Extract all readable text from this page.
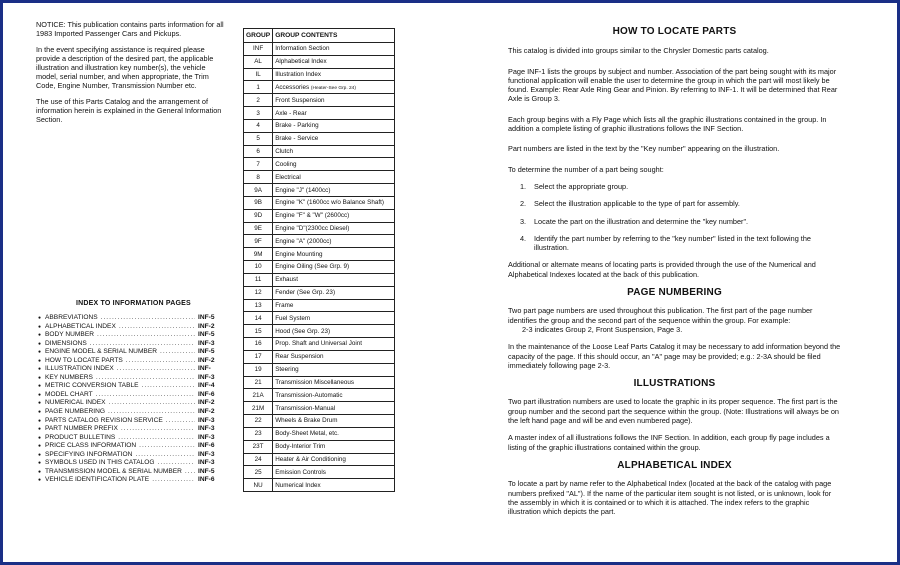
NOTICE: This publication contains parts information for all 1983 Imported Passenger Cars and Pickups.

In the event specifying assistance is required please provide a description of the desired part, the applicable illustration and illustration key number(s), the vehicle model, serial number, and when appropriate, the Trim Code, Engine Number, Transmission Number etc.

The use of this Parts Catalog and the arrangement of information herein is explained in the General Information Section.

INDEX TO INFORMATION PAGES
● ABBREVIATIONS .....	INF-5
● ALPHABETICAL INDEX .....	INF-2
● BODY NUMBER .....	INF-5
● DIMENSIONS .....	INF-3
● ENGINE MODEL & SERIAL NUMBER .....	INF-5
● HOW TO LOCATE PARTS .....	INF-2
● ILLUSTRATION INDEX .....	INF-
● KEY NUMBERS .....	INF-3
● METRIC CONVERSION TABLE .....	INF-4
● MODEL CHART .....	INF-6
● NUMERICAL INDEX .....	INF-2
● PAGE NUMBERING .....	INF-2
● PARTS CATALOG REVISION SERVICE .....	INF-3
● PART NUMBER PREFIX .....	INF-3
● PRODUCT BULLETINS .....	INF-3
● PRICE CLASS INFORMATION .....	INF-6
● SPECIFYING INFORMATION .....	INF-3
● SYMBOLS USED IN THIS CATALOG .....	INF-3
● TRANSMISSION MODEL & SERIAL NUMBER ..... INF-5
● VEHICLE IDENTIFICATION PLATE .....	INF-6
GROUP	GROUP CONTENTS
INF	Information Section
AL	Alphabetical Index
IL	Illustration Index
1	Accessories (Heater-See Grp. 24)
2	Front Suspension
3	Axle - Rear
4	Brake - Parking
5	Brake - Service
6	Clutch
7	Cooling
8	Electrical
9A	Engine "J" (1400cc)
9B	Engine "K" (1600cc w/o Balance Shaft)
9D	Engine "F" & "W" (2600cc)
9E	Engine "D"(2300cc Diesel)
9F	Engine "A" (2000cc)
9M	Engine Mounting
10	Engine Oiling (See Grp. 9)
11	Exhaust
12	Fender (See Grp. 23)
13	Frame
14	Fuel System
15	Hood (See Grp. 23)
16	Prop. Shaft and Universal Joint
17	Rear Suspension
19	Steering
21	Transmission Miscellaneous
21A	Transmission-Automatic
21M	Transmission-Manual
22	Wheels & Brake Drum
23	Body-Sheet Metal, etc.
23T	Body-Interior Trim
24	Heater & Air Conditioning
25	Emission Controls
NU	Numerical Index
HOW TO LOCATE PARTS

This catalog is divided into groups similar to the Chrysler Domestic parts catalog.

Page INF-1 lists the groups by subject and number. Association of the part being sought with its major functional application will enable the user to determine the group in which the part will most likely be found. Example: Rear Axle Ring Gear and Pinion. By referring to INF-1. It will be determined that Rear Axle is Group 3.

Each group begins with a Fly Page which lists all the graphic illustrations contained in the group. In addition a complete listing of graphic illustrations follows the INF Section.

Part numbers are listed in the text by the "Key number" appearing on the illustration.

To determine the number of a part being sought:

1.	Select the appropriate group.
2.	Select the illustration applicable to the type of part for assembly.
3.	Locate the part on the illustration and determine the "key number".
4.	Identify the part number by referring to the "key number" listed in the text following the illustration.

Additional or alternate means of locating parts is provided through the use of the Numerical and Alphabetical Indexes located at the back of this publication.

PAGE NUMBERING

Two part page numbers are used throughout this publication. The first part of the page number identifies the group and the second part of the sequence within the group. For example:

2-3 indicates Group 2, Front Suspension, Page 3.

In the maintenance of the Loose Leaf Parts Catalog it may be necessary to add information beyond the capacity of the page. If this should occur, an "A" page may be provided; e.g.: 2-3A should be filed immediately following page 2-3.

ILLUSTRATIONS

Two part illustration numbers are used to locate the graphic in its proper sequence. The first part is the group number and the second part the sequence within the group. (Note: Illustrations will always be on the left hand page and will be and even numbered page).

A master index of all illustrations follows the INF Section. In addition, each group fly page includes a listing of the graphic illustrations contained within the group.

ALPHABETICAL INDEX

To locate a part by name refer to the Alphabetical Index (located at the back of the catalog with page numbers prefixed "AL"). If the name of the particular item sought is not listed, or is unknown, look for the assembly in which it is contained or to which it is attached. The index refers to the graphic illustration which depicts the part.
